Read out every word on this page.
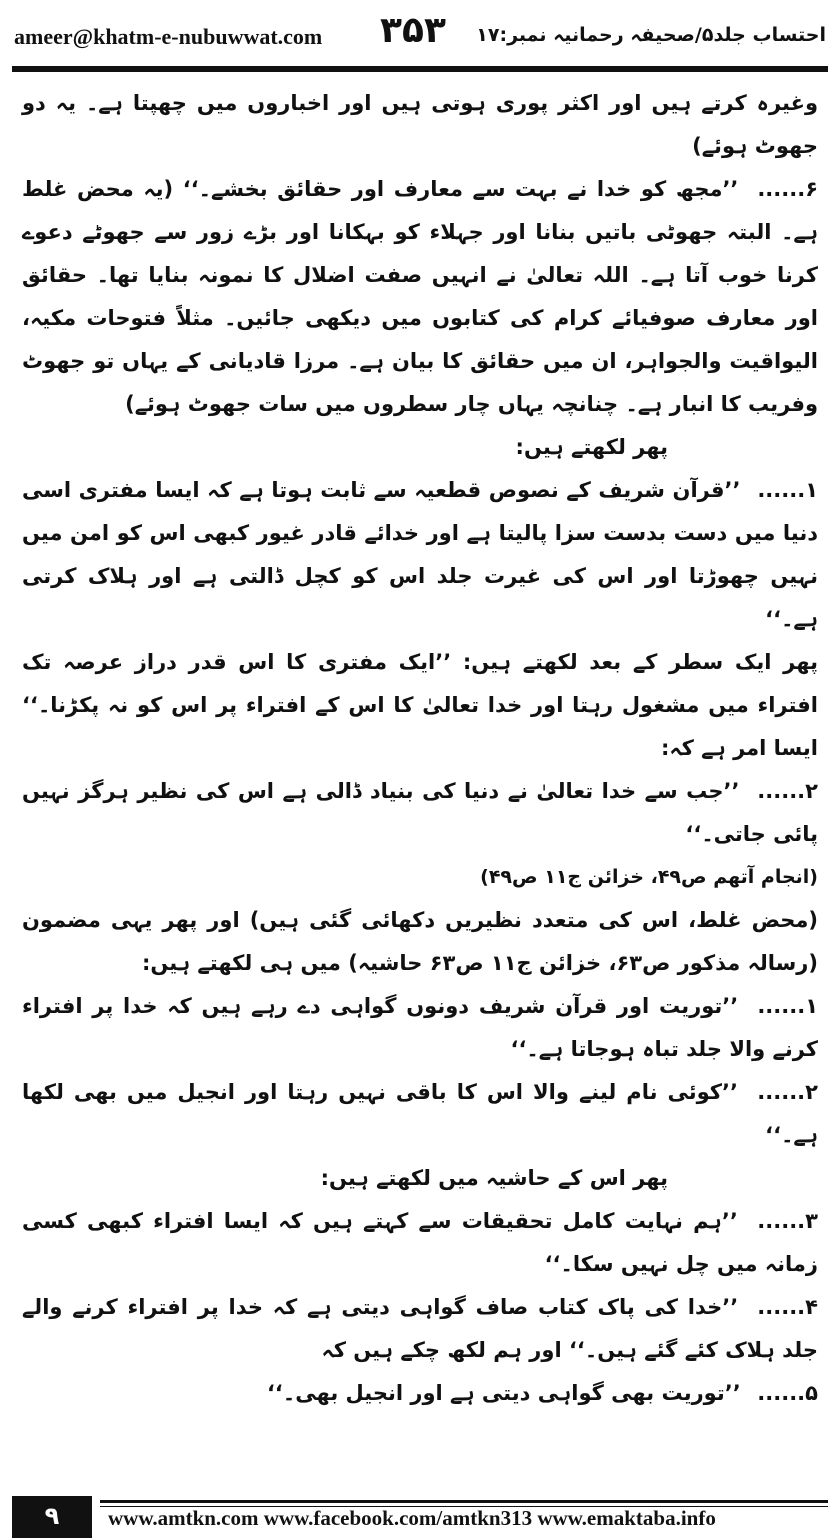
ameer@khatm-e-nubuwwat.com ۳۵۳ احتساب جلد۵/صحیفہ رحمانیہ نمبر:۱۷

وغیرہ کرتے ہیں اور اکثر پوری ہوتی ہیں اور اخباروں میں چھپتا ہے۔ یہ دو جھوٹ ہوئے)

۶...... ’’مجھ کو خدا نے بہت سے معارف اور حقائق بخشے۔‘‘ (یہ محض غلط ہے۔ البتہ جھوٹی باتیں بنانا اور جہلاء کو بہکانا اور بڑے زور سے جھوٹے دعوے کرنا خوب آتا ہے۔ اللہ تعالیٰ نے انہیں صفت اضلال کا نمونہ بنایا تھا۔ حقائق اور معارف صوفیائے کرام کی کتابوں میں دیکھی جائیں۔ مثلاً فتوحات مکیہ، الیواقیت والجواہر، ان میں حقائق کا بیان ہے۔ مرزا قادیانی کے یہاں تو جھوٹ وفریب کا انبار ہے۔ چنانچہ یہاں چار سطروں میں سات جھوٹ ہوئے)

پھر لکھتے ہیں:

۱...... ’’قرآن شریف کے نصوص قطعیہ سے ثابت ہوتا ہے کہ ایسا مفتری اسی دنیا میں دست بدست سزا پالیتا ہے اور خدائے قادر غیور کبھی اس کو امن میں نہیں چھوڑتا اور اس کی غیرت جلد اس کو کچل ڈالتی ہے اور ہلاک کرتی ہے۔‘‘

پھر ایک سطر کے بعد لکھتے ہیں: ’’ایک مفتری کا اس قدر دراز عرصہ تک افتراء میں مشغول رہتا اور خدا تعالیٰ کا اس کے افتراء پر اس کو نہ پکڑنا۔‘‘ ایسا امر ہے کہ:

۲...... ’’جب سے خدا تعالیٰ نے دنیا کی بنیاد ڈالی ہے اس کی نظیر ہرگز نہیں پائی جاتی۔‘‘

(انجام آتھم ص۴۹، خزائن ج۱۱ ص۴۹)

(محض غلط، اس کی متعدد نظیریں دکھائی گئی ہیں) اور پھر یہی مضمون (رسالہ مذکور ص۶۳، خزائن ج۱۱ ص۶۳ حاشیہ) میں ہی لکھتے ہیں:

۱...... ’’توریت اور قرآن شریف دونوں گواہی دے رہے ہیں کہ خدا پر افتراء کرنے والا جلد تباہ ہوجاتا ہے۔‘‘

۲...... ’’کوئی نام لینے والا اس کا باقی نہیں رہتا اور انجیل میں بھی لکھا ہے۔‘‘

پھر اس کے حاشیہ میں لکھتے ہیں:

۳...... ’’ہم نہایت کامل تحقیقات سے کہتے ہیں کہ ایسا افتراء کبھی کسی زمانہ میں چل نہیں سکا۔‘‘

۴...... ’’خدا کی پاک کتاب صاف گواہی دیتی ہے کہ خدا پر افتراء کرنے والے جلد ہلاک کئے گئے ہیں۔‘‘ اور ہم لکھ چکے ہیں کہ

۵...... ’’توریت بھی گواہی دیتی ہے اور انجیل بھی۔‘‘

۹	www.amtkn.com www.facebook.com/amtkn313 www.emaktaba.info
